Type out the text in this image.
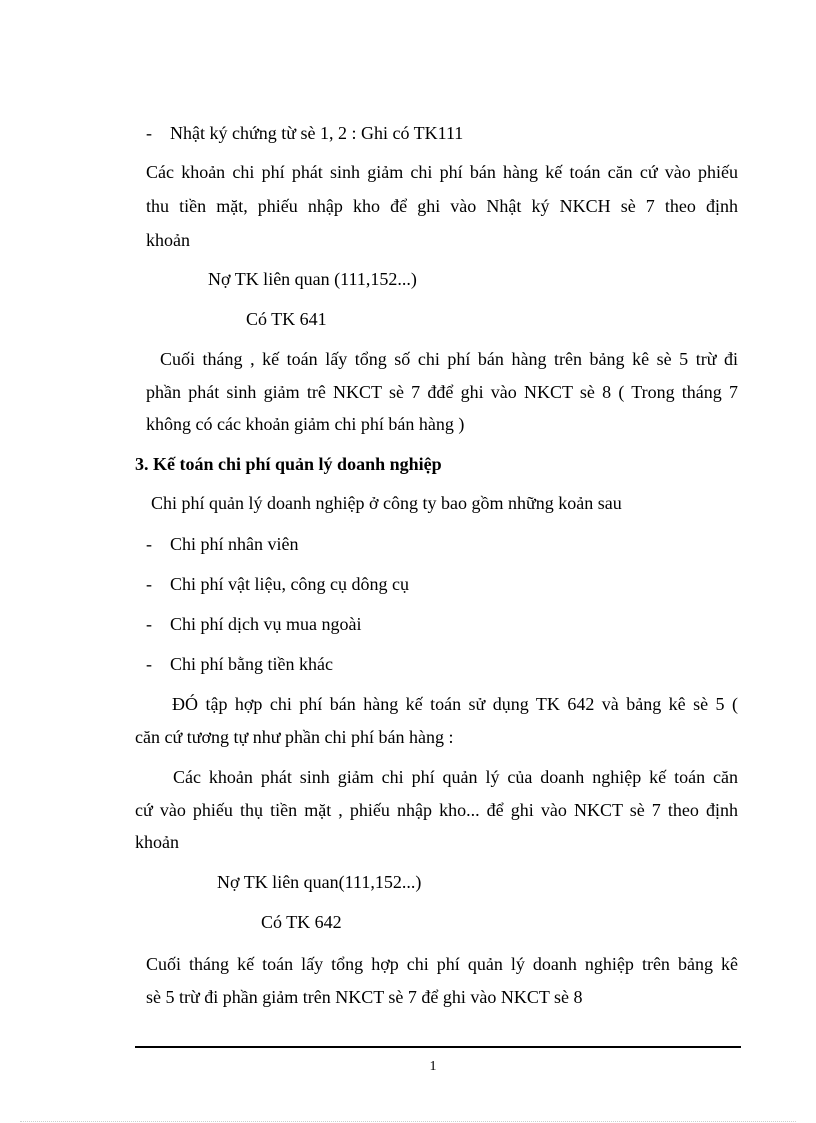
- Nhật ký chứng từ sè 1, 2 : Ghi có TK111
Các khoản chi phí phát sinh giảm chi phí bán hàng kế toán căn cứ vào phiếu
thu tiền mặt, phiếu nhập kho để ghi vào Nhật ký NKCH sè 7 theo định
khoản
Nợ TK liên quan (111,152...)
Có TK 641
Cuối tháng , kế toán lấy tổng số chi phí bán hàng trên bảng kê sè 5 trừ đi
phần phát sinh giảm trê NKCT sè 7 đđể ghi vào NKCT sè 8 ( Trong tháng 7
không có các khoản giảm chi phí bán hàng )
3. Kế toán chi phí quản lý doanh nghiệp
Chi phí quản lý doanh nghiệp ở công ty bao gồm những koản sau
- Chi phí nhân viên
- Chi phí vật liệu, công cụ dông cụ
- Chi phí dịch vụ mua ngoài
- Chi phí bằng tiền khác
ĐÓ tập hợp chi phí bán hàng kế toán sử dụng TK 642 và bảng kê sè 5 (
căn cứ tương tự như phần chi phí bán hàng :
Các khoản phát sinh giảm chi phí quản lý của doanh nghiệp kế toán căn
cứ vào phiếu thụ tiền mặt , phiếu nhập kho... để ghi vào NKCT sè 7 theo định
khoản
Nợ TK liên quan(111,152...)
Có TK 642
Cuối tháng kế toán lấy tổng hợp chi phí quản lý doanh nghiệp trên bảng kê
sè 5 trừ đi phần giảm trên NKCT sè 7 để ghi vào NKCT sè 8
1
